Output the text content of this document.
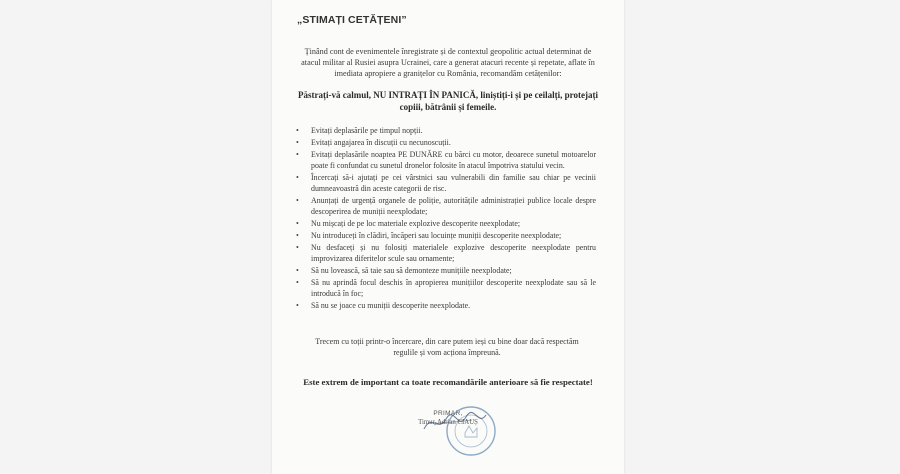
„STIMAȚI CETĂȚENI”
Ținând cont de evenimentele înregistrate și de contextul geopolitic actual determinat de atacul militar al Rusiei asupra Ucrainei, care a generat atacuri recente și repetate, aflate în imediata apropiere a granițelor cu România, recomandăm cetățenilor:
Păstrați-vă calmul, NU INTRAȚI ÎN PANICĂ, liniștiți-i și pe ceilalți, protejați copiii, bătrânii și femeile.
• Evitați deplasările pe timpul nopții.
• Evitați angajarea în discuții cu necunoscuții.
• Evitați deplasările noaptea PE DUNĂRE cu bărci cu motor, deoarece sunetul motoarelor poate fi confundat cu sunetul dronelor folosite în atacul împotriva statului vecin.
• Încercați să-i ajutați pe cei vârstnici sau vulnerabili din familie sau chiar pe vecinii dumneavoastră din aceste categorii de risc.
• Anunțați de urgență organele de poliție, autoritățile administrației publice locale despre descoperirea de muniții neexplodate;
• Nu mișcați de pe loc materiale explozive descoperite neexplodate;
• Nu introduceți în clădiri, încăperi sau locuințe muniții descoperite neexplodate;
• Nu desfaceți și nu folosiți materialele explozive descoperite neexplodate pentru improvizarea diferitelor scule sau ornamente;
• Să nu lovească, să taie sau să demonteze munițiile neexplodate;
• Să nu aprindă focul deschis în apropierea munițiilor descoperite neexplodate sau să le introducă în foc;
• Să nu se joace cu muniții descoperite neexplodate.
Trecem cu toții printr-o încercare, din care putem ieși cu bine doar dacă respectăm regulile și vom acționa împreună.
Este extrem de important ca toate recomandările anterioare să fie respectate!
PRIMAR,
Timur-Adrian CIAUȘ
